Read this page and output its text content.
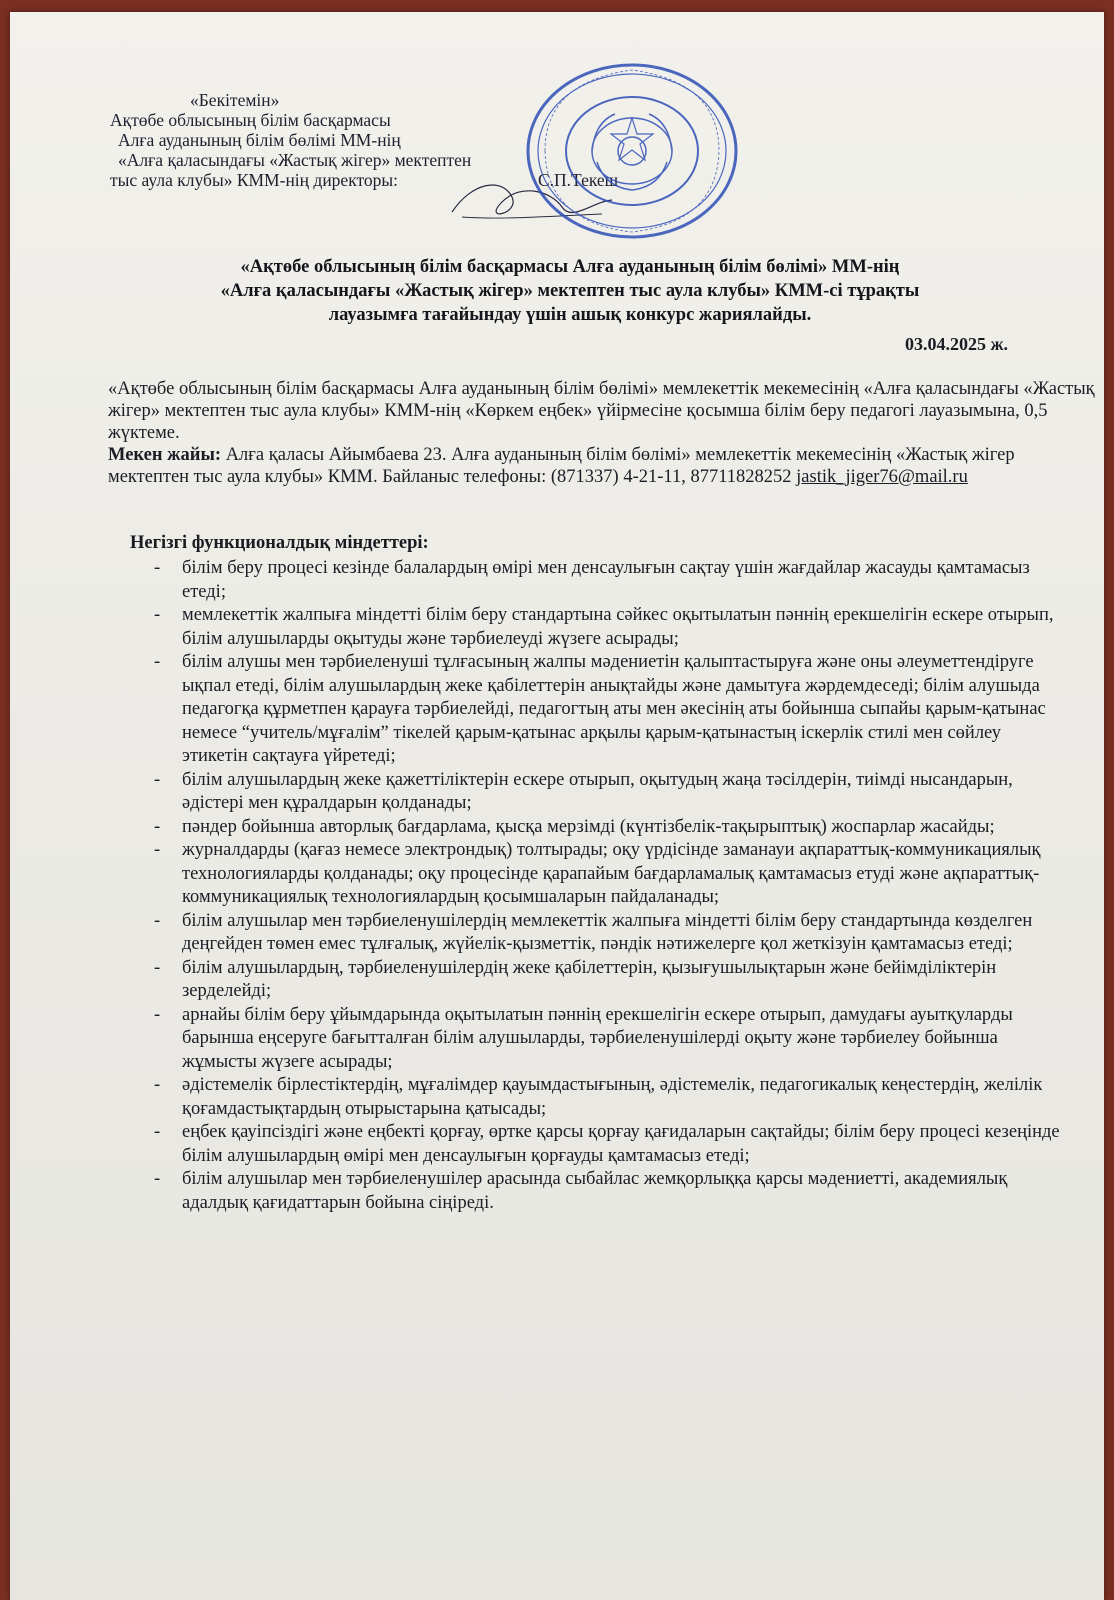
«Бекітемін»
Ақтөбе облысының білім басқармасы
Алға ауданының білім бөлімі ММ-нің
«Алға қаласындағы «Жастық жігер» мектептен
тыс аула клубы» КММ-нің директоры:	С.П.Текеш
«Ақтөбе облысының білім басқармасы Алға ауданының білім бөлімі» ММ-нің
«Алға қаласындағы «Жастық жігер» мектептен тыс аула клубы» КММ-сі тұрақты
лауазымға тағайындау үшін ашық конкурс жариялайды.
03.04.2025 ж.

«Ақтөбе облысының білім басқармасы Алға ауданының білім бөлімі» мемлекеттік мекемесінің «Алға қаласындағы «Жастық жігер» мектептен тыс аула клубы» КММ-нің «Көркем еңбек» үйірмесіне қосымша білім беру педагогі лауазымына, 0,5 жүктеме.

Мекен жайы: Алға қаласы Айымбаева 23. Алға ауданының білім бөлімі» мемлекеттік мекемесінің «Жастық жігер мектептен тыс аула клубы» КММ. Байланыс телефоны: (871337) 4-21-11, 87711828252 jastik_jiger76@mail.ru

Негізгі функционалдық міндеттері:
- білім беру процесі кезінде балалардың өмірі мен денсаулығын сақтау үшін жағдайлар жасауды қамтамасыз етеді;
- мемлекеттік жалпыға міндетті білім беру стандартына сәйкес оқытылатын пәннің ерекшелігін ескере отырып, білім алушыларды оқытуды және тәрбиелеуді жүзеге асырады;
- білім алушы мен тәрбиеленуші тұлғасының жалпы мәдениетін қалыптастыруға және оны әлеуметтендіруге ықпал етеді, білім алушылардың жеке қабілеттерін анықтайды және дамытуға жәрдемдеседі; білім алушыда педагогқа құрметпен қарауға тәрбиелейді, педагогтың аты мен әкесінің аты бойынша сыпайы қарым-қатынас немесе “учитель/мұғалім” тікелей қарым-қатынас арқылы қарым-қатынастың іскерлік стилі мен сөйлеу этикетін сақтауға үйретеді;
- білім алушылардың жеке қажеттіліктерін ескере отырып, оқытудың жаңа тәсілдерін, тиімді нысандарын, әдістері мен құралдарын қолданады;
- пәндер бойынша авторлық бағдарлама, қысқа мерзімді (күнтізбелік-тақырыптық) жоспарлар жасайды;
- журналдарды (қағаз немесе электрондық) толтырады; оқу үрдісінде заманауи ақпараттық-коммуникациялық технологияларды қолданады; оқу процесінде қарапайым бағдарламалық қамтамасыз етуді және ақпараттық-коммуникациялық технологиялардың қосымшаларын пайдаланады;
- білім алушылар мен тәрбиеленушілердің мемлекеттік жалпыға міндетті білім беру стандартында көзделген деңгейден төмен емес тұлғалық, жүйелік-қызметтік, пәндік нәтижелерге қол жеткізуін қамтамасыз етеді;
- білім алушылардың, тәрбиеленушілердің жеке қабілеттерін, қызығушылықтарын және бейімділіктерін зерделейді;
- арнайы білім беру ұйымдарында оқытылатын пәннің ерекшелігін ескере отырып, дамудағы ауытқуларды барынша еңсеруге бағытталған білім алушыларды, тәрбиеленушілерді оқыту және тәрбиелеу бойынша жұмысты жүзеге асырады;
- әдістемелік бірлестіктердің, мұғалімдер қауымдастығының, әдістемелік, педагогикалық кеңестердің, желілік қоғамдастықтардың отырыстарына қатысады;
- еңбек қауіпсіздігі және еңбекті қорғау, өртке қарсы қорғау қағидаларын сақтайды; білім беру процесі кезеңінде білім алушылардың өмірі мен денсаулығын қорғауды қамтамасыз етеді;
- білім алушылар мен тәрбиеленушілер арасында сыбайлас жемқорлыққа қарсы мәдениетті, академиялық адалдық қағидаттарын бойына сіңіреді.
